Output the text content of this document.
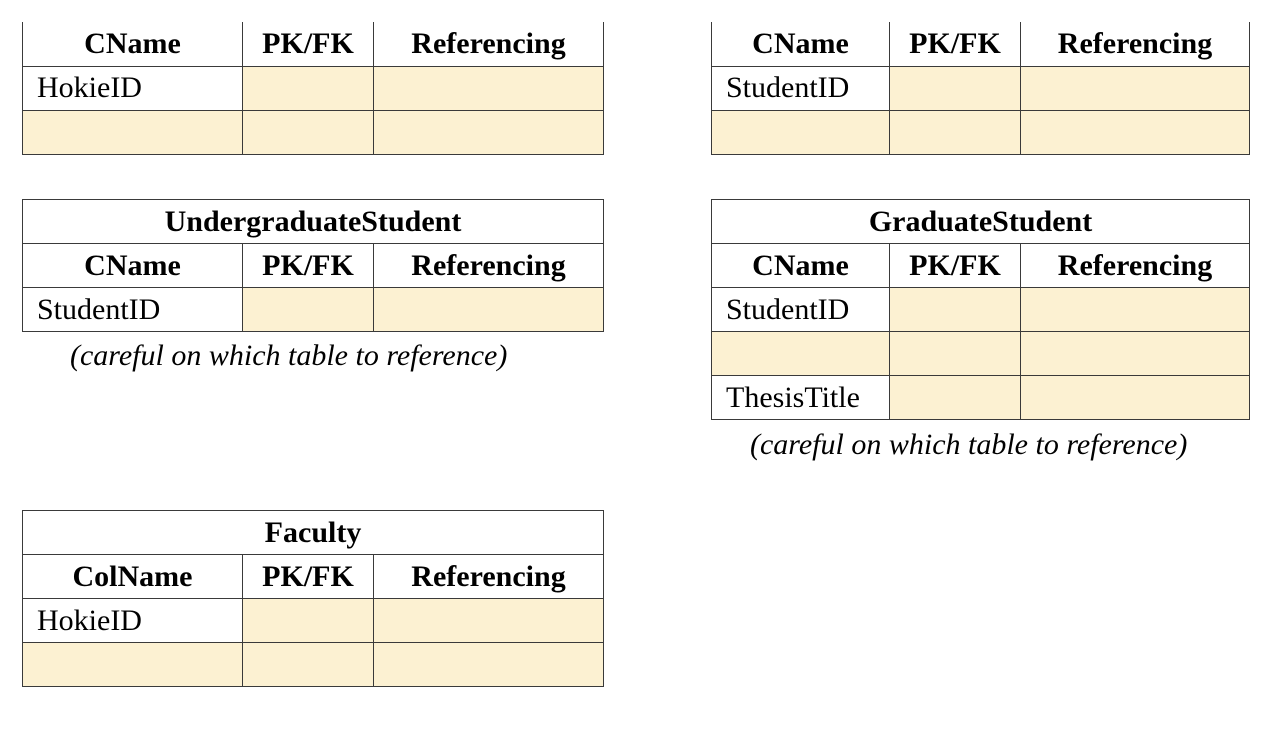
CName	PK/FK	Referencing
HokieID		

CName	PK/FK	Referencing
StudentID		

UndergraduateStudent		
CName	PK/FK	Referencing
StudentID		
(careful on which table to reference)
GraduateStudent		
CName	PK/FK	Referencing
StudentID		

ThesisTitle		
(careful on which table to reference)
Faculty		
ColName	PK/FK	Referencing
HokieID		
